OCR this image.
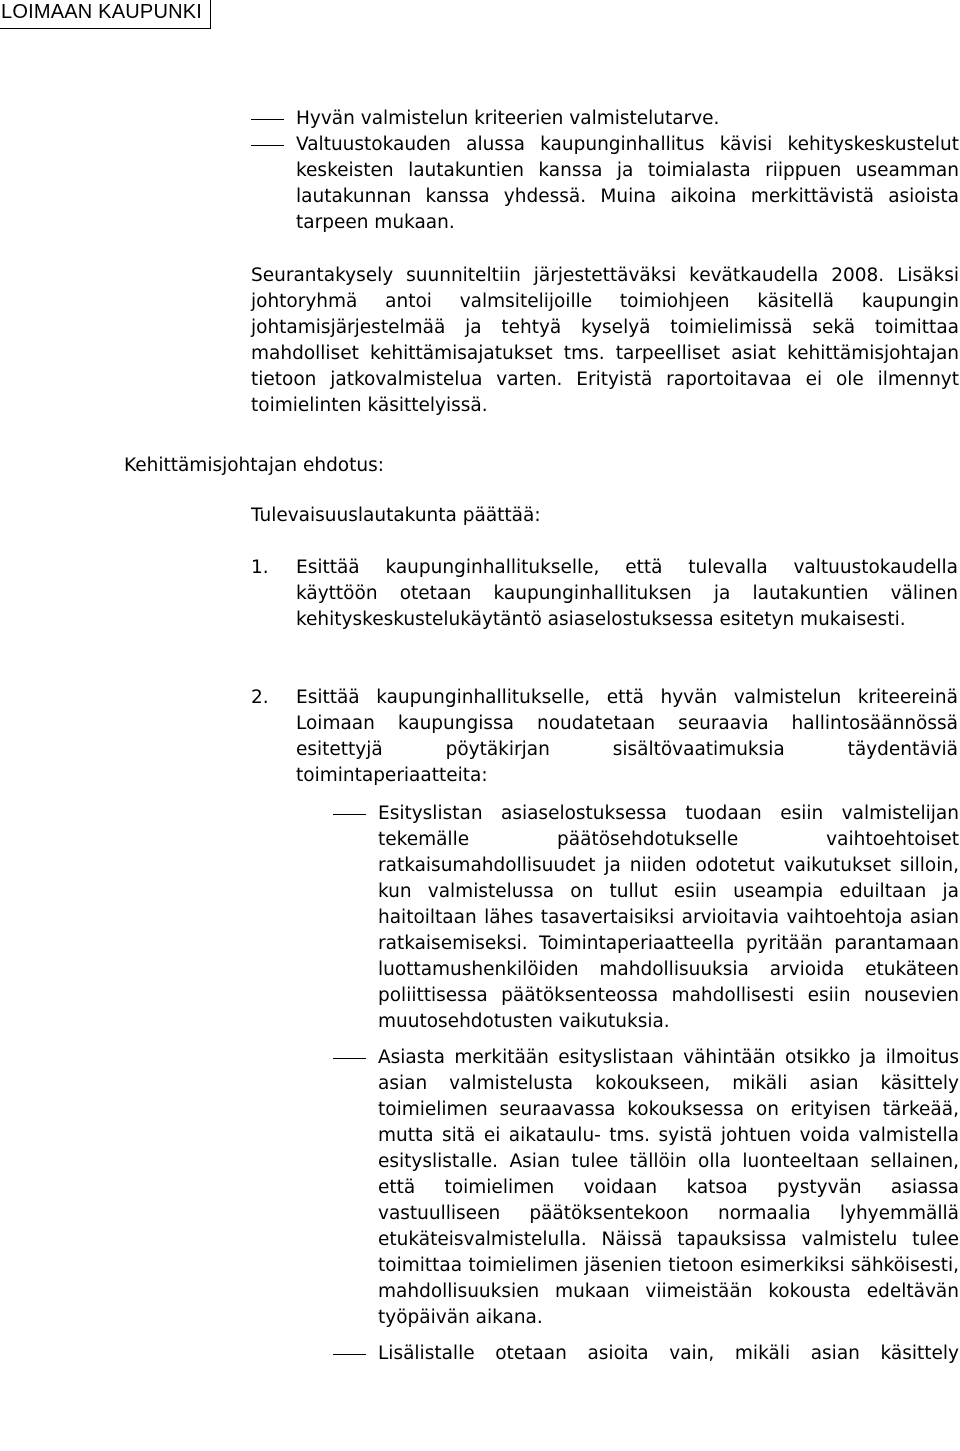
LOIMAAN KAUPUNKI

Hyvän valmistelun kriteerien valmistelutarve.

Valtuustokauden alussa kaupunginhallitus kävisi kehityskeskustelut keskeisten lautakuntien kanssa ja toimialasta riippuen useamman lautakunnan kanssa yhdessä. Muina aikoina merkittävistä asioista tarpeen mukaan.

Seurantakysely suunniteltiin järjestettäväksi kevätkaudella 2008. Lisäksi johtoryhmä antoi valmsitelijoille toimiohjeen käsitellä kaupungin johtamisjärjestelmää ja tehtyä kyselyä toimielimissä sekä toimittaa mahdolliset kehittämisajatukset tms. tarpeelliset asiat kehittämisjohtajan tietoon jatkovalmistelua varten. Erityistä raportoitavaa ei ole ilmennyt toimielinten käsittelyissä.

Kehittämisjohtajan ehdotus:

Tulevaisuuslautakunta päättää:

1. Esittää kaupunginhallitukselle, että tulevalla valtuustokaudella käyttöön otetaan kaupunginhallituksen ja lautakuntien välinen kehityskeskustelukäytäntö asiaselostuksessa esitetyn mukaisesti.

2. Esittää kaupunginhallitukselle, että hyvän valmistelun kriteereinä Loimaan kaupungissa noudatetaan seuraavia hallintosäännössä esitettyjä pöytäkirjan sisältövaatimuksia täydentäviä toimintaperiaatteita:

Esityslistan asiaselostuksessa tuodaan esiin valmistelijan tekemälle päätösehdotukselle vaihtoehtoiset ratkaisumahdollisuudet ja niiden odotetut vaikutukset silloin, kun valmistelussa on tullut esiin useampia eduiltaan ja haitoiltaan lähes tasavertaisiksi arvioitavia vaihtoehtoja asian ratkaisemiseksi. Toimintaperiaatteella pyritään parantamaan luottamushenkilöiden mahdollisuuksia arvioida etukäteen poliittisessa päätöksenteossa mahdollisesti esiin nousevien muutosehdotusten vaikutuksia.

Asiasta merkitään esityslistaan vähintään otsikko ja ilmoitus asian valmistelusta kokoukseen, mikäli asian käsittely toimielimen seuraavassa kokouksessa on erityisen tärkeää, mutta sitä ei aikataulu- tms. syistä johtuen voida valmistella esityslistalle. Asian tulee tällöin olla luonteeltaan sellainen, että toimielimen voidaan katsoa pystyvän asiassa vastuulliseen päätöksentekoon normaalia lyhyemmällä etukäteisvalmistelulla. Näissä tapauksissa valmistelu tulee toimittaa toimielimen jäsenien tietoon esimerkiksi sähköisesti, mahdollisuuksien mukaan viimeistään kokousta edeltävän työpäivän aikana.

Lisälistalle otetaan asioita vain, mikäli asian käsittely
